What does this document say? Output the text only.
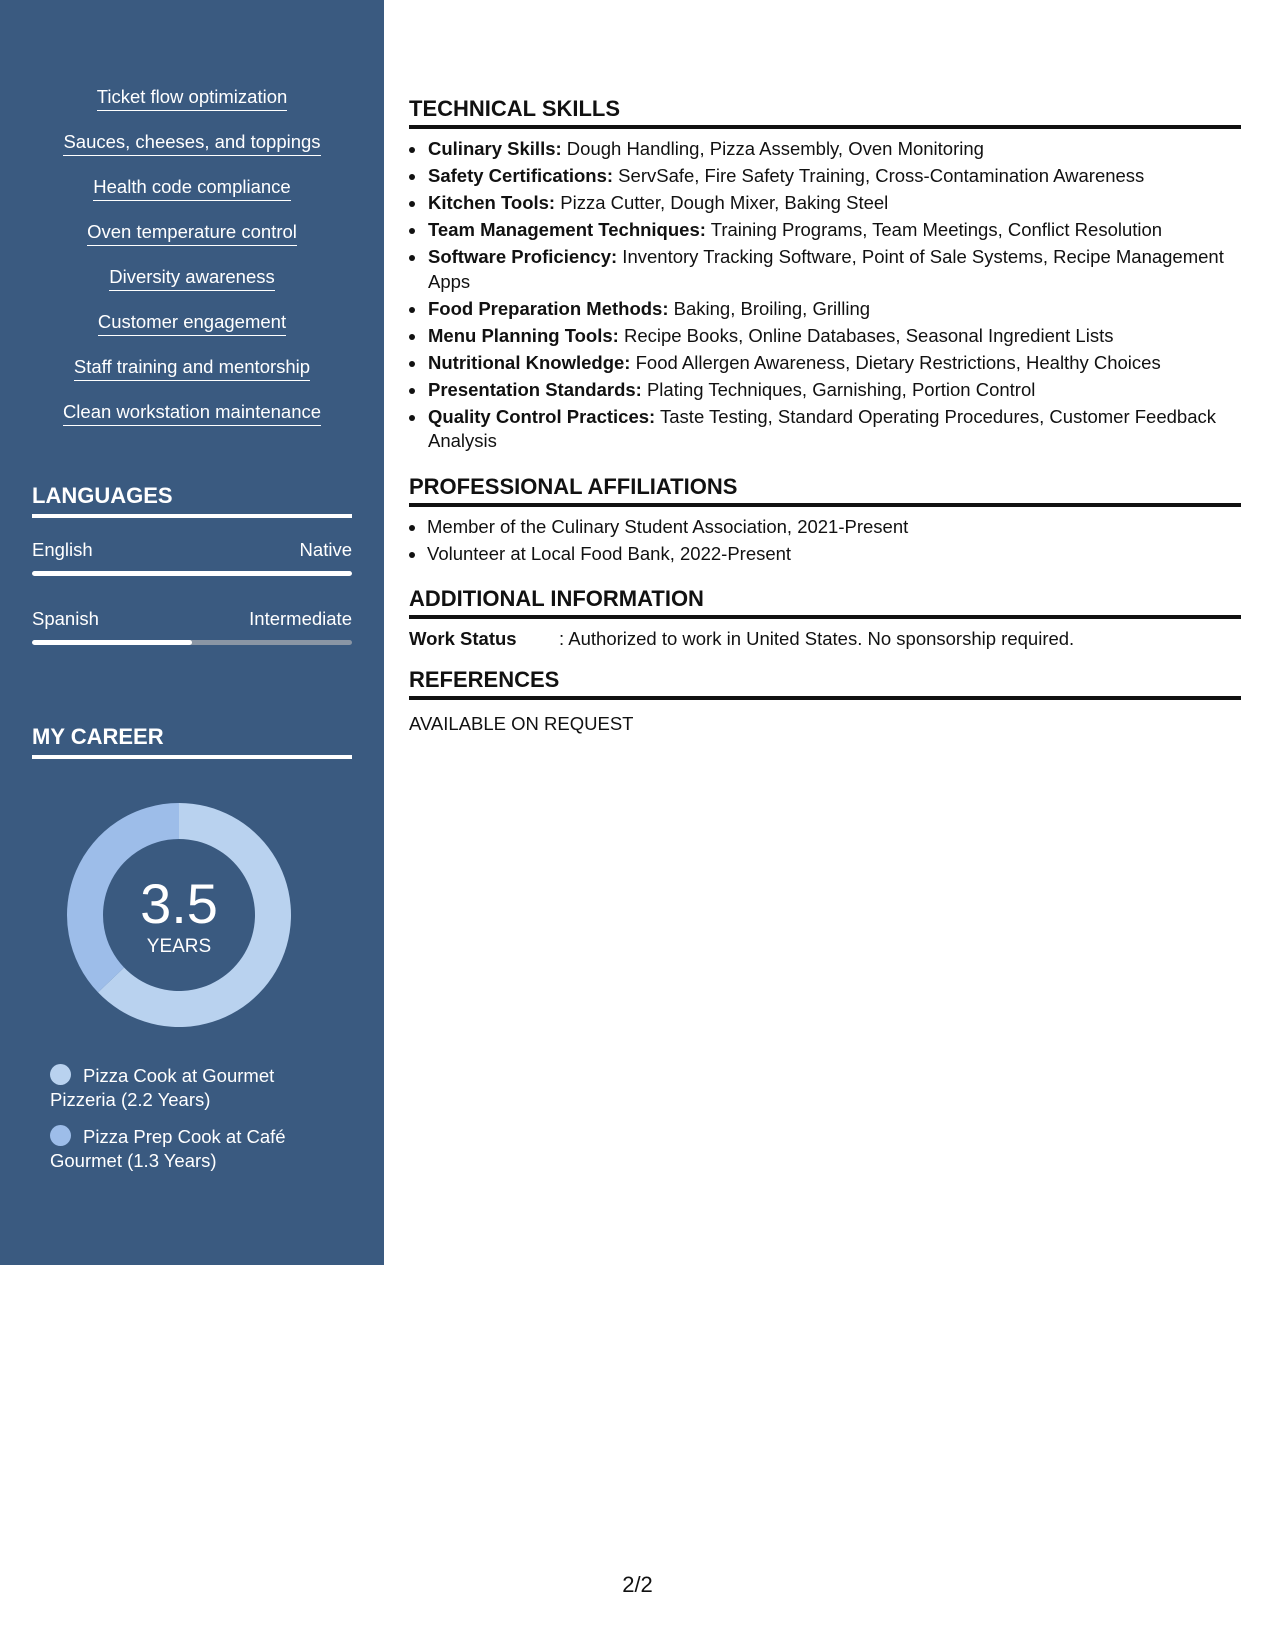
Ticket flow optimization
Sauces, cheeses, and toppings
Health code compliance
Oven temperature control
Diversity awareness
Customer engagement
Staff training and mentorship
Clean workstation maintenance
LANGUAGES
English	Native
Spanish	Intermediate
MY CAREER
3.5
YEARS
Pizza Cook at Gourmet Pizzeria (2.2 Years)
Pizza Prep Cook at Café Gourmet (1.3 Years)
TECHNICAL SKILLS
• Culinary Skills: Dough Handling, Pizza Assembly, Oven Monitoring
• Safety Certifications: ServSafe, Fire Safety Training, Cross-Contamination Awareness
• Kitchen Tools: Pizza Cutter, Dough Mixer, Baking Steel
• Team Management Techniques: Training Programs, Team Meetings, Conflict Resolution
• Software Proficiency: Inventory Tracking Software, Point of Sale Systems, Recipe Management Apps
• Food Preparation Methods: Baking, Broiling, Grilling
• Menu Planning Tools: Recipe Books, Online Databases, Seasonal Ingredient Lists
• Nutritional Knowledge: Food Allergen Awareness, Dietary Restrictions, Healthy Choices
• Presentation Standards: Plating Techniques, Garnishing, Portion Control
• Quality Control Practices: Taste Testing, Standard Operating Procedures, Customer Feedback Analysis
PROFESSIONAL AFFILIATIONS
• Member of the Culinary Student Association, 2021-Present
• Volunteer at Local Food Bank, 2022-Present
ADDITIONAL INFORMATION
Work Status	: Authorized to work in United States. No sponsorship required.
REFERENCES

AVAILABLE ON REQUEST

2/2
